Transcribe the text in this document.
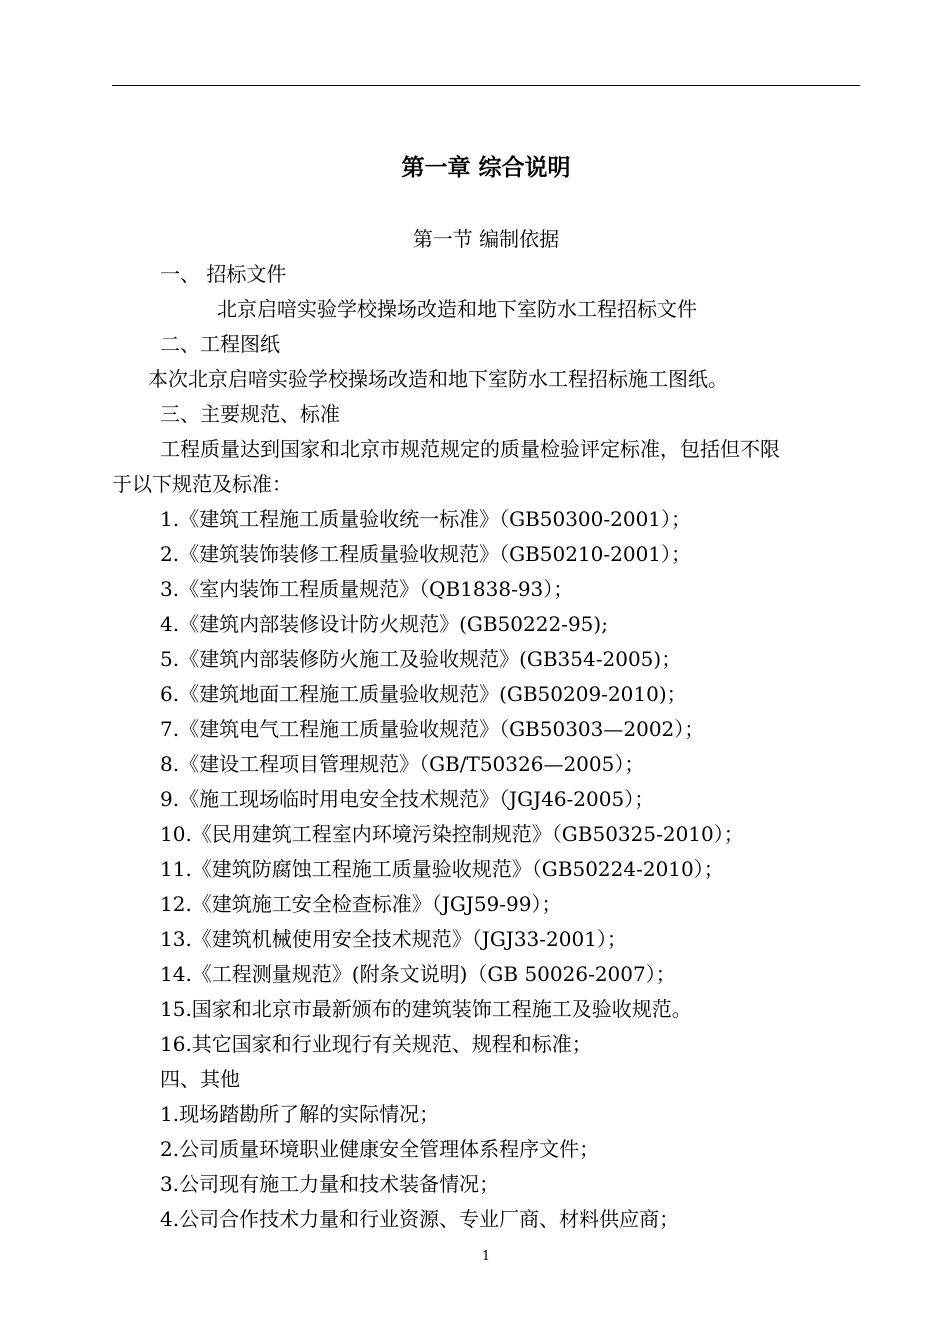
第一章 综合说明
第一节 编制依据
一、 招标文件
北京启喑实验学校操场改造和地下室防水工程招标文件
二、工程图纸
本次北京启喑实验学校操场改造和地下室防水工程招标施工图纸。
三、主要规范、标准
工程质量达到国家和北京市规范规定的质量检验评定标准，包括但不限
于以下规范及标准：
1.《建筑工程施工质量验收统一标准》（GB50300-2001）；
2.《建筑装饰装修工程质量验收规范》（GB50210-2001）；
3.《室内装饰工程质量规范》（QB1838-93）；
4.《建筑内部装修设计防火规范》(GB50222-95);
5.《建筑内部装修防火施工及验收规范》(GB354-2005)；
6.《建筑地面工程施工质量验收规范》(GB50209-2010)；
7.《建筑电气工程施工质量验收规范》（GB50303—2002）；
8.《建设工程项目管理规范》（GB/T50326—2005）；
9.《施工现场临时用电安全技术规范》（JGJ46-2005）；
10.《民用建筑工程室内环境污染控制规范》（GB50325-2010）；
11.《建筑防腐蚀工程施工质量验收规范》（GB50224-2010）；
12.《建筑施工安全检查标准》（JGJ59-99）；
13.《建筑机械使用安全技术规范》（JGJ33-2001）；
14.《工程测量规范》(附条文说明)（GB 50026-2007）；
15.国家和北京市最新颁布的建筑装饰工程施工及验收规范。
16.其它国家和行业现行有关规范、规程和标准；
四、其他
1.现场踏勘所了解的实际情况；
2.公司质量环境职业健康安全管理体系程序文件；
3.公司现有施工力量和技术装备情况；
4.公司合作技术力量和行业资源、专业厂商、材料供应商；
1
